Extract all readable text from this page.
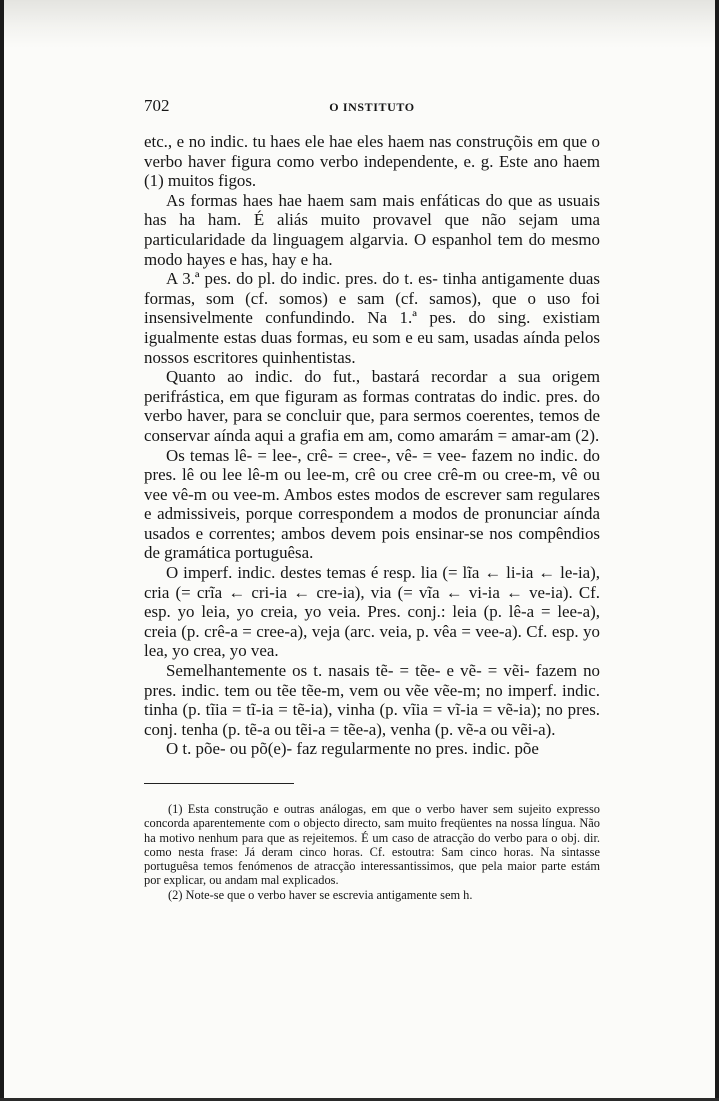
702	O INSTITUTO

etc., e no indic. tu haes ele hae eles haem nas construçõis em que o verbo haver figura como verbo independente, e. g. Este ano haem (1) muitos figos.

As formas haes hae haem sam mais enfáticas do que as usuais has ha ham. É aliás muito provavel que não sejam uma particularidade da linguagem algarvia. O espanhol tem do mesmo modo hayes e has, hay e ha.

A 3.ª pes. do pl. do indic. pres. do t. es- tinha antigamente duas formas, som (cf. somos) e sam (cf. samos), que o uso foi insensivelmente confundindo. Na 1.ª pes. do sing. existiam igualmente estas duas formas, eu som e eu sam, usadas aínda pelos nossos escritores quinhentistas.

Quanto ao indic. do fut., bastará recordar a sua origem perifrástica, em que figuram as formas contratas do indic. pres. do verbo haver, para se concluir que, para sermos coerentes, temos de conservar aínda aqui a grafia em am, como amarám = amar-am (2).

Os temas lê- = lee-, crê- = cree-, vê- = vee- fazem no indic. do pres. lê ou lee lê-m ou lee-m, crê ou cree crê-m ou cree-m, vê ou vee vê-m ou vee-m. Ambos estes modos de escrever sam regulares e admissiveis, porque correspondem a modos de pronunciar aínda usados e correntes; ambos devem pois ensinar-se nos compêndios de gramática portuguêsa.

O imperf. indic. destes temas é resp. lia (= lĩa ← li-ia ← le-ia), cria (= crĩa ← cri-ia ← cre-ia), via (= vĩa ← vi-ia ← ve-ia). Cf. esp. yo leia, yo creia, yo veia. Pres. conj.: leia (p. lê-a = lee-a), creia (p. crê-a = cree-a), veja (arc. veia, p. vêa = vee-a). Cf. esp. yo lea, yo crea, yo vea.

Semelhantemente os t. nasais tẽ- = tẽe- e vẽ- = vẽi- fazem no pres. indic. tem ou tẽe tẽe-m, vem ou vẽe vẽe-m; no imperf. indic. tinha (p. tĩia = tĩ-ia = tẽ-ia), vinha (p. vĩia = vĩ-ia = vẽ-ia); no pres. conj. tenha (p. tẽ-a ou tẽi-a = tẽe-a), venha (p. vẽ-a ou vẽi-a).

O t. põe- ou põ(e)- faz regularmente no pres. indic. põe

(1) Esta construção e outras análogas, em que o verbo haver sem sujeito expresso concorda aparentemente com o objecto directo, sam muito freqüentes na nossa língua. Não ha motivo nenhum para que as rejeitemos. É um caso de atracção do verbo para o obj. dir. como nesta frase: Já deram cinco horas. Cf. estoutra: Sam cinco horas. Na sintasse portuguêsa temos fenómenos de atracção interessantissimos, que pela maior parte estám por explicar, ou andam mal explicados.

(2) Note-se que o verbo haver se escrevia antigamente sem h.
